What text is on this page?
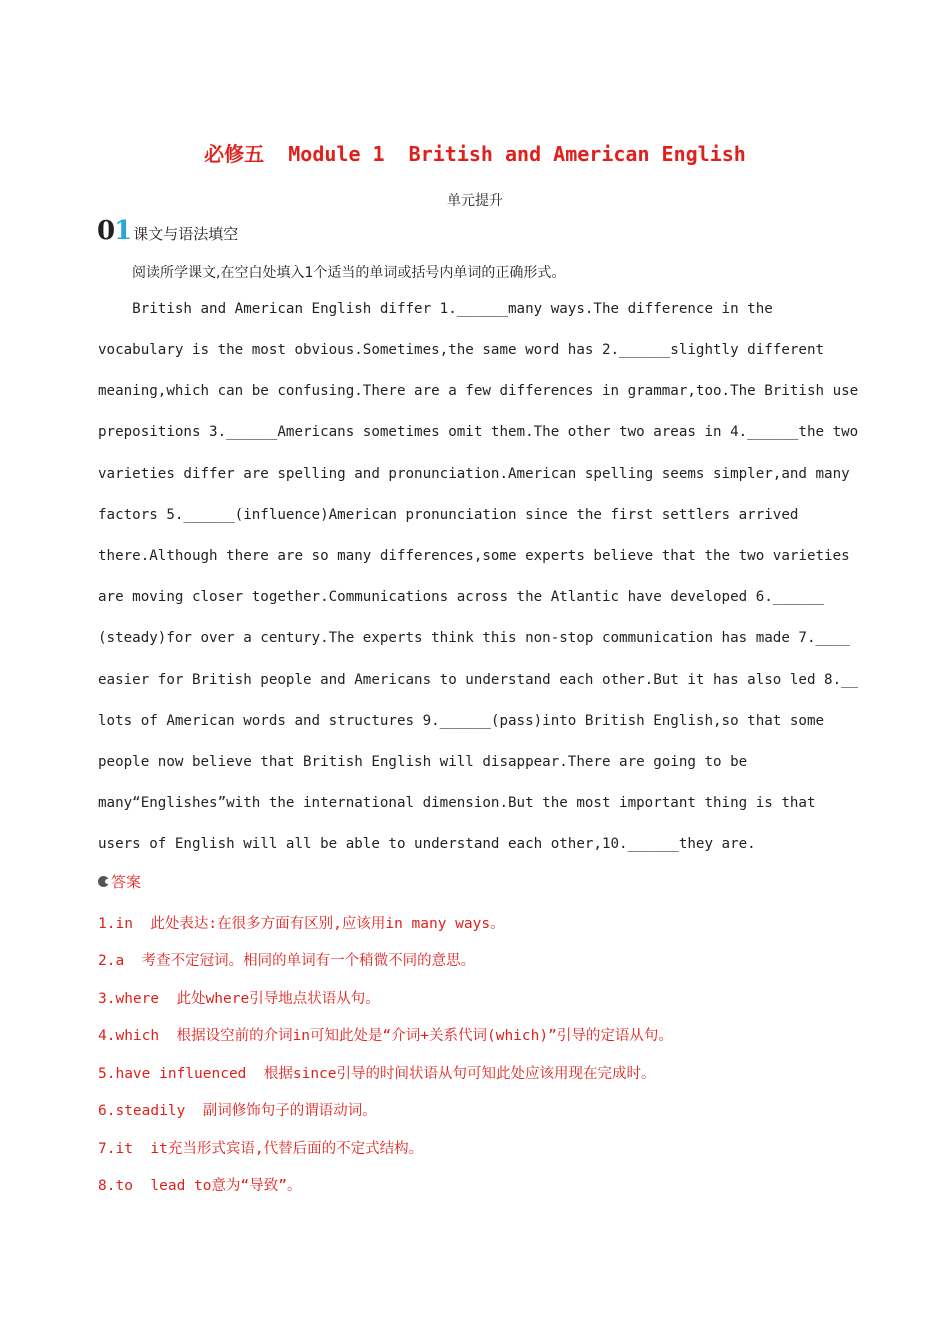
必修五  Module 1  British and American English
单元提升
01 课文与语法填空
阅读所学课文,在空白处填入1个适当的单词或括号内单词的正确形式。
British and American English differ 1.______many ways.The difference in the
vocabulary is the most obvious.Sometimes,the same word has 2.______slightly different
meaning,which can be confusing.There are a few differences in grammar,too.The British use
prepositions 3.______Americans sometimes omit them.The other two areas in 4.______the two
varieties differ are spelling and pronunciation.American spelling seems simpler,and many
factors 5.______(influence)American pronunciation since the first settlers arrived
there.Although there are so many differences,some experts believe that the two varieties
are moving closer together.Communications across the Atlantic have developed 6.______
(steady)for over a century.The experts think this non-stop communication has made 7.____
easier for British people and Americans to understand each other.But it has also led 8.__
lots of American words and structures 9.______(pass)into British English,so that some
people now believe that British English will disappear.There are going to be
many“Englishes”with the international dimension.But the most important thing is that
users of English will all be able to understand each other,10.______they are.
答案
1.in  此处表达:在很多方面有区别,应该用in many ways。
2.a  考查不定冠词。相同的单词有一个稍微不同的意思。
3.where  此处where引导地点状语从句。
4.which  根据设空前的介词in可知此处是“介词+关系代词(which)”引导的定语从句。
5.have influenced  根据since引导的时间状语从句可知此处应该用现在完成时。
6.steadily  副词修饰句子的谓语动词。
7.it  it充当形式宾语,代替后面的不定式结构。
8.to  lead to意为“导致”。
